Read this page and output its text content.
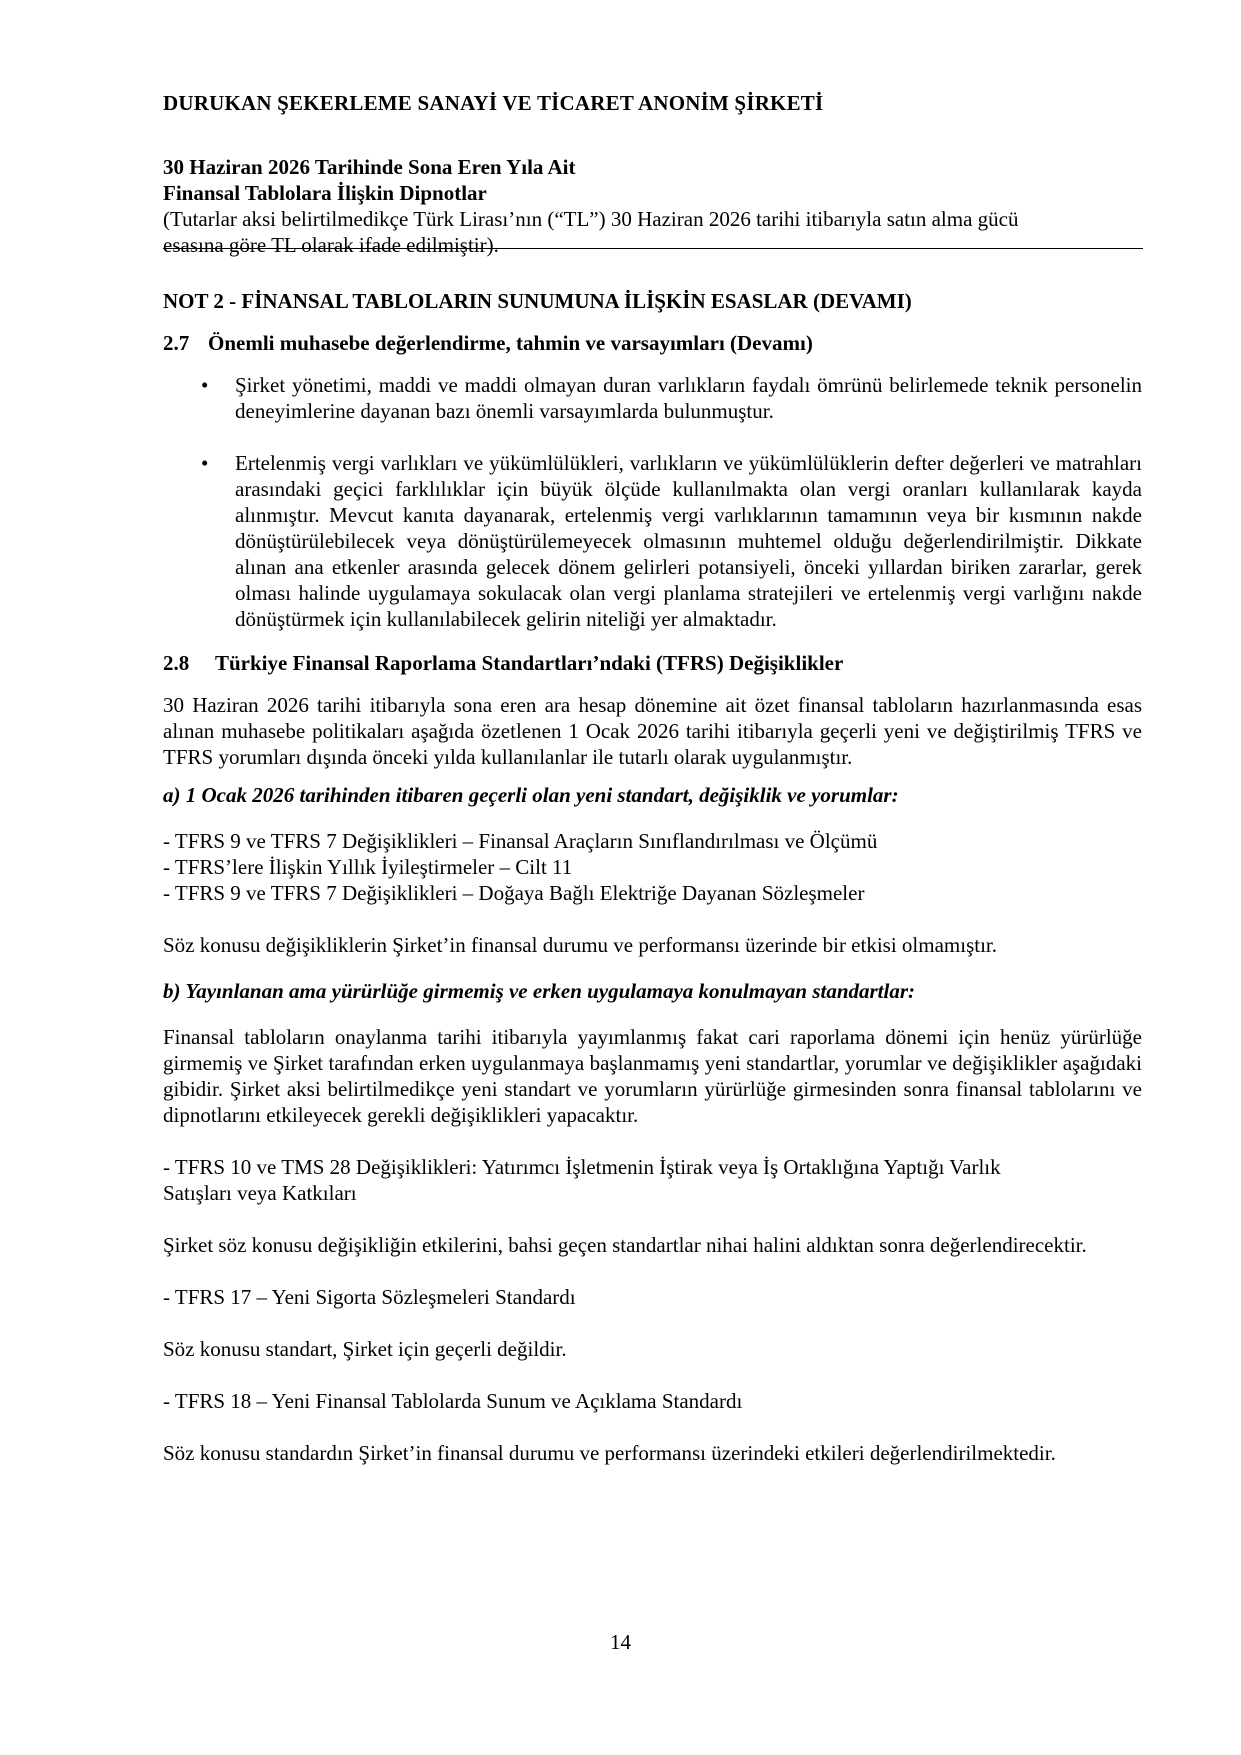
DURUKAN ŞEKERLEME SANAYİ VE TİCARET ANONİM ŞİRKETİ

30 Haziran 2026 Tarihinde Sona Eren Yıla Ait

Finansal Tablolara İlişkin Dipnotlar

(Tutarlar aksi belirtilmedikçe Türk Lirası’nın (“TL”) 30 Haziran 2026 tarihi itibarıyla satın alma gücü

esasına göre TL olarak ifade edilmiştir).

NOT 2 - FİNANSAL TABLOLARIN SUNUMUNA İLİŞKİN ESASLAR (DEVAMI)

2.7 Önemli muhasebe değerlendirme, tahmin ve varsayımları (Devamı)
•	Şirket yönetimi, maddi ve maddi olmayan duran varlıkların faydalı ömrünü belirlemede teknik personelin deneyimlerine dayanan bazı önemli varsayımlarda bulunmuştur.
•	Ertelenmiş vergi varlıkları ve yükümlülükleri, varlıkların ve yükümlülüklerin defter değerleri ve matrahları arasındaki geçici farklılıklar için büyük ölçüde kullanılmakta olan vergi oranları kullanılarak kayda alınmıştır. Mevcut kanıta dayanarak, ertelenmiş vergi varlıklarının tamamının veya bir kısmının nakde dönüştürülebilecek veya dönüştürülemeyecek olmasının muhtemel olduğu değerlendirilmiştir. Dikkate alınan ana etkenler arasında gelecek dönem gelirleri potansiyeli, önceki yıllardan biriken zararlar, gerek olması halinde uygulamaya sokulacak olan vergi planlama stratejileri ve ertelenmiş vergi varlığını nakde dönüştürmek için kullanılabilecek gelirin niteliği yer almaktadır.
2.8	Türkiye Finansal Raporlama Standartları’ndaki (TFRS) Değişiklikler

30 Haziran 2026 tarihi itibarıyla sona eren ara hesap dönemine ait özet finansal tabloların hazırlanmasında esas alınan muhasebe politikaları aşağıda özetlenen 1 Ocak 2026 tarihi itibarıyla geçerli yeni ve değiştirilmiş TFRS ve TFRS yorumları dışında önceki yılda kullanılanlar ile tutarlı olarak uygulanmıştır.

a) 1 Ocak 2026 tarihinden itibaren geçerli olan yeni standart, değişiklik ve yorumlar:

- TFRS 9 ve TFRS 7 Değişiklikleri – Finansal Araçların Sınıflandırılması ve Ölçümü

- TFRS’lere İlişkin Yıllık İyileştirmeler – Cilt 11

- TFRS 9 ve TFRS 7 Değişiklikleri – Doğaya Bağlı Elektriğe Dayanan Sözleşmeler

Söz konusu değişikliklerin Şirket’in finansal durumu ve performansı üzerinde bir etkisi olmamıştır.

b) Yayınlanan ama yürürlüğe girmemiş ve erken uygulamaya konulmayan standartlar:

Finansal tabloların onaylanma tarihi itibarıyla yayımlanmış fakat cari raporlama dönemi için henüz yürürlüğe girmemiş ve Şirket tarafından erken uygulanmaya başlanmamış yeni standartlar, yorumlar ve değişiklikler aşağıdaki gibidir. Şirket aksi belirtilmedikçe yeni standart ve yorumların yürürlüğe girmesinden sonra finansal tablolarını ve dipnotlarını etkileyecek gerekli değişiklikleri yapacaktır.

- TFRS 10 ve TMS 28 Değişiklikleri: Yatırımcı İşletmenin İştirak veya İş Ortaklığına Yaptığı Varlık

Satışları veya Katkıları

Şirket söz konusu değişikliğin etkilerini, bahsi geçen standartlar nihai halini aldıktan sonra değerlendirecektir.

- TFRS 17 – Yeni Sigorta Sözleşmeleri Standardı

Söz konusu standart, Şirket için geçerli değildir.

- TFRS 18 – Yeni Finansal Tablolarda Sunum ve Açıklama Standardı

Söz konusu standardın Şirket’in finansal durumu ve performansı üzerindeki etkileri değerlendirilmektedir.

14
